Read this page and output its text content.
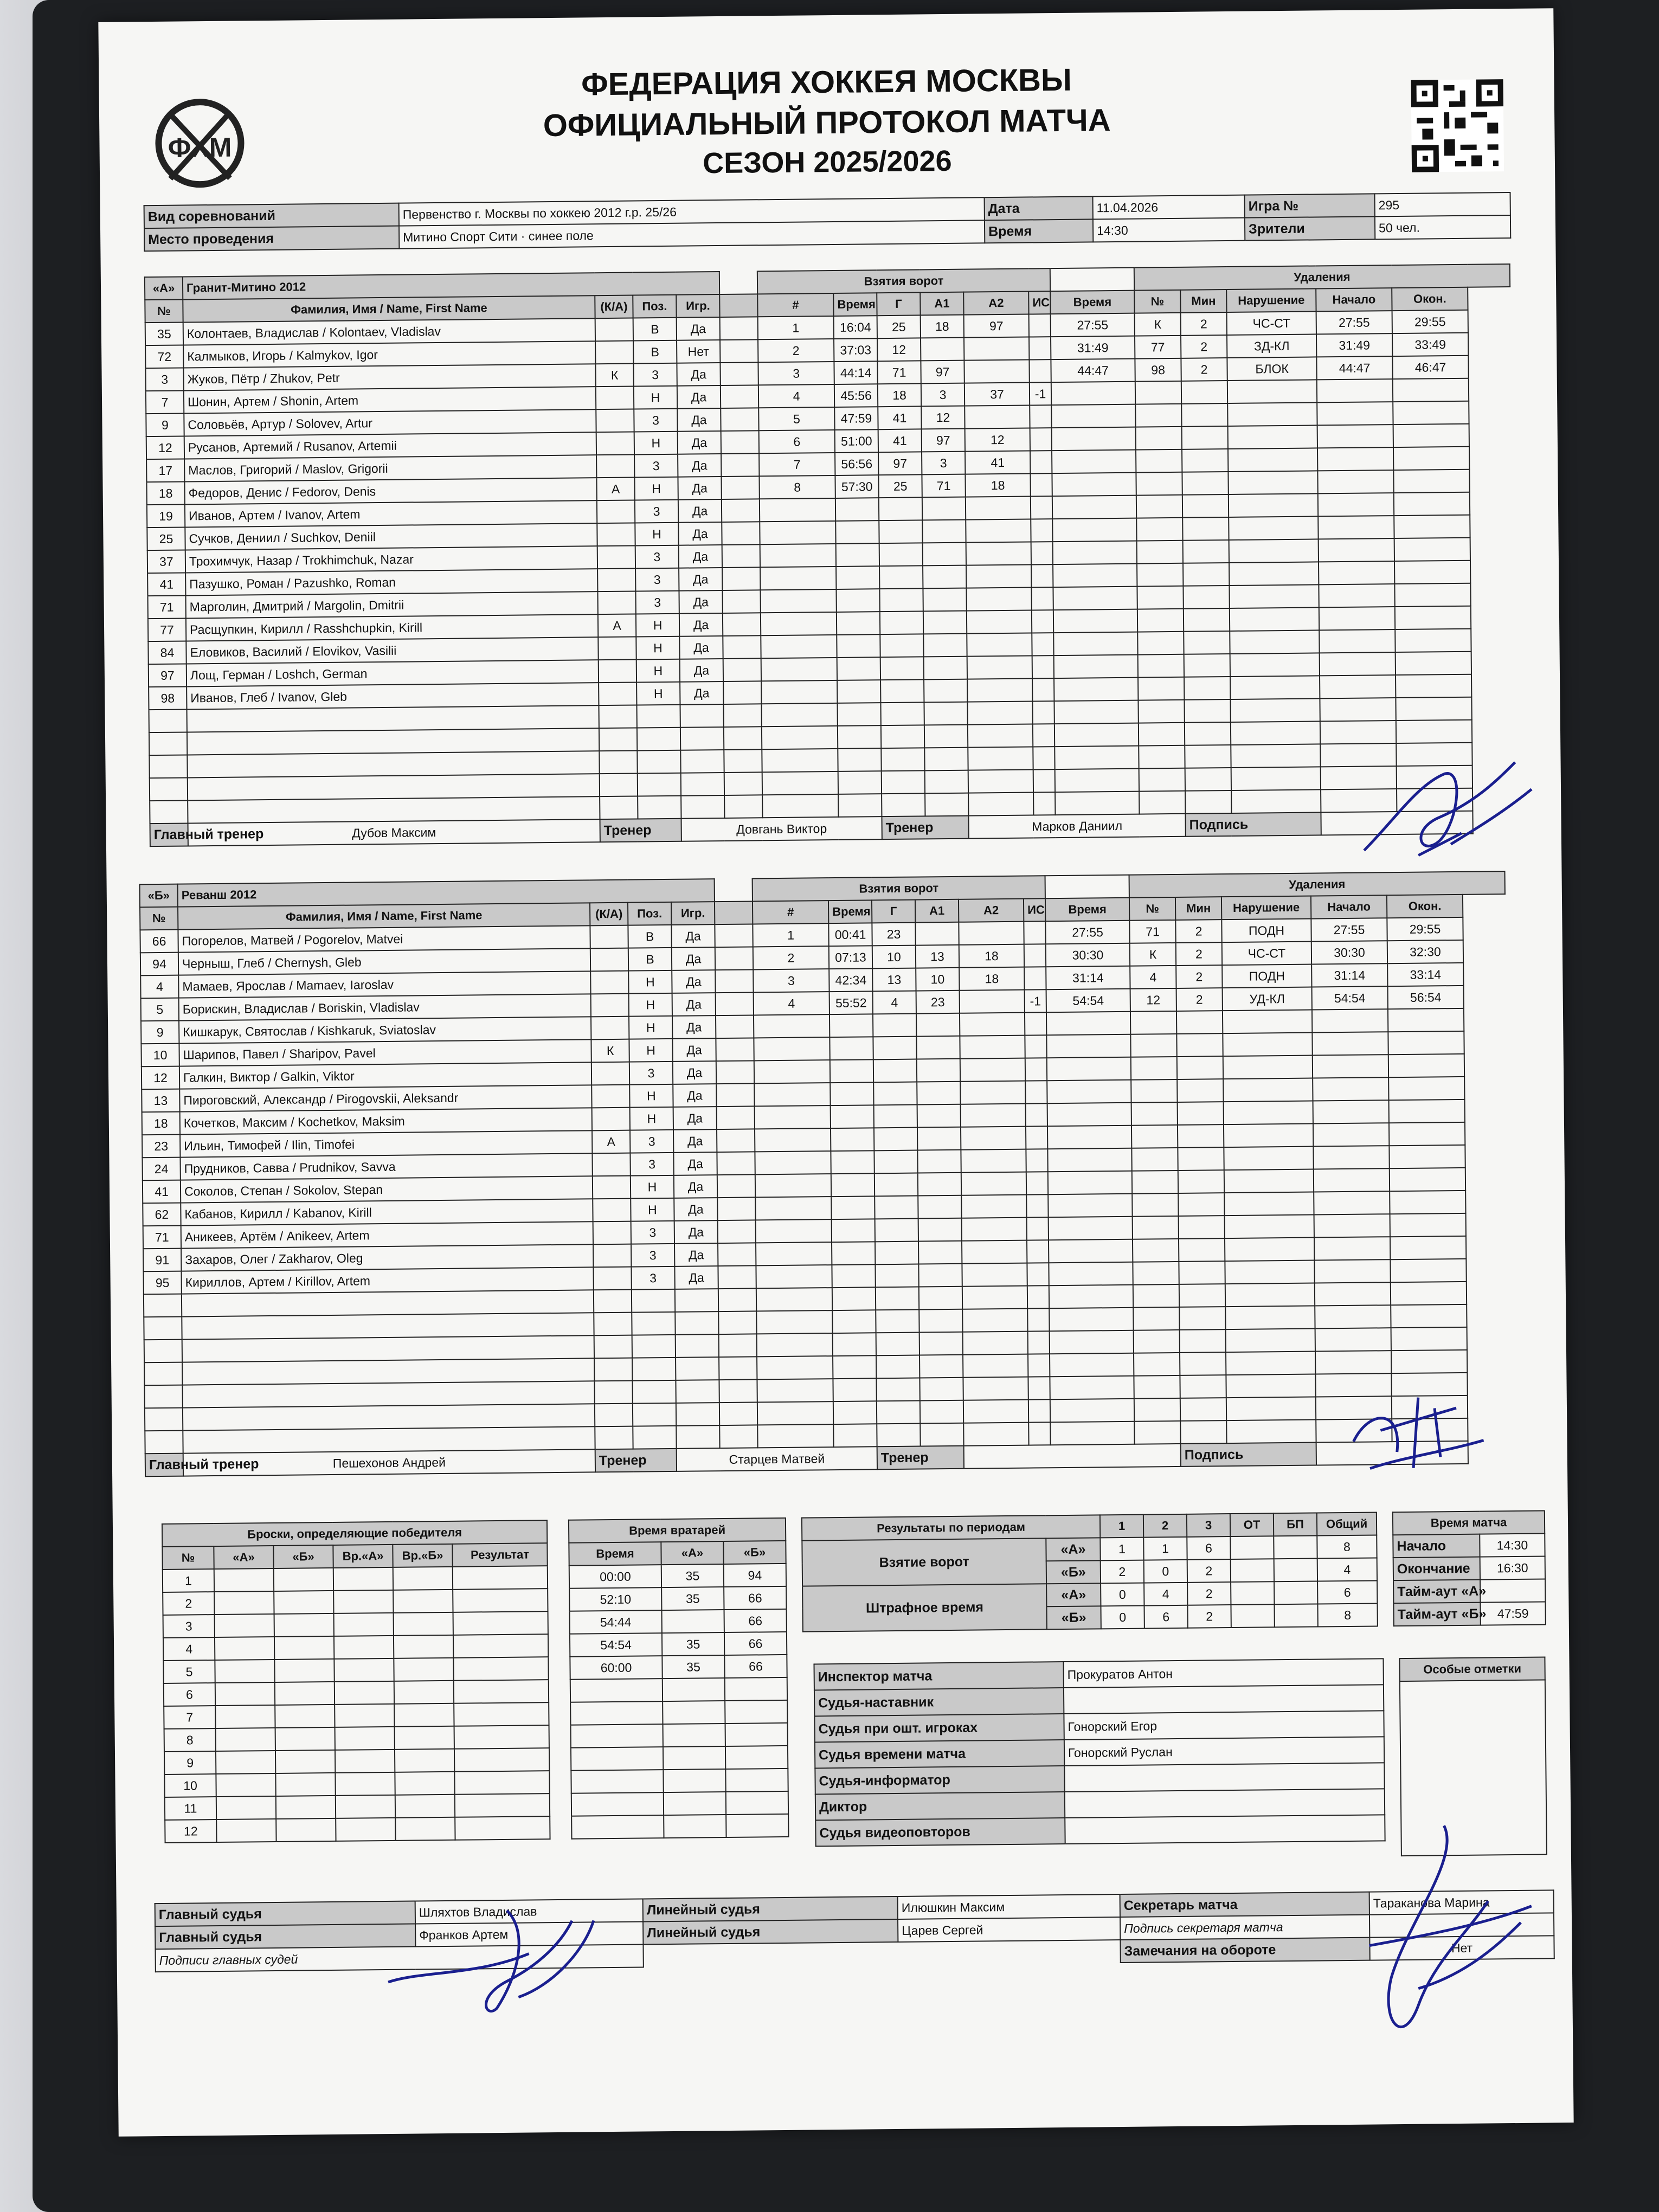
ФХМ
ФЕДЕРАЦИЯ ХОККЕЯ МОСКВЫ
ОФИЦИАЛЬНЫЙ ПРОТОКОЛ МАТЧА
СЕЗОН 2025/2026
Вид соревнований	Первенство г. Москвы по хоккею 2012 г.р. 25/26	Дата	11.04.2026	Игра №	295
Место проведения	Митино Спорт Сити · синее поле	Время	14:30	Зрители	50 чел.
«А»	Гранит-Митино 2012					Взятия ворот							Удаления				
№	Фамилия, Имя / Name, First Name	(К/А)	Поз.	Игр.		#	Время	Г	А1	А2	ИС	Время	№	Мин	Нарушение	Начало	Окон.
35	Колонтаев, Владислав / Kolontaev, Vladislav		В	Да		1	16:04	25	18	97		27:55	К	2	ЧС-СТ	27:55	29:55
72	Калмыков, Игорь / Kalmykov, Igor		В	Нет		2	37:03	12				31:49	77	2	ЗД-КЛ	31:49	33:49
3	Жуков, Пётр / Zhukov, Petr	К	3	Да		3	44:14	71	97			44:47	98	2	БЛОК	44:47	46:47
7	Шонин, Артем / Shonin, Artem		Н	Да		4	45:56	18	3	37	-1						
9	Соловьёв, Артур / Solovev, Artur		3	Да		5	47:59	41	12								
12	Русанов, Артемий / Rusanov, Artemii		Н	Да		6	51:00	41	97	12							
17	Маслов, Григорий / Maslov, Grigorii		3	Да		7	56:56	97	3	41							
18	Федоров, Денис / Fedorov, Denis	А	Н	Да		8	57:30	25	71	18							
19	Иванов, Артем / Ivanov, Artem		3	Да													
25	Сучков, Дениил / Suchkov, Deniil		Н	Да													
37	Трохимчук, Назар / Trokhimchuk, Nazar		3	Да													
41	Пазушко, Роман / Pazushko, Roman		3	Да													
71	Марголин, Дмитрий / Margolin, Dmitrii		3	Да													
77	Расщупкин, Кирилл / Rasshchupkin, Kirill	А	Н	Да													
84	Еловиков, Василий / Elovikov, Vasilii		Н	Да													
97	Лощ, Герман / Loshch, German		Н	Да													
98	Иванов, Глеб / Ivanov, Gleb		Н	Да													

Главный тренер	Дубов Максим	Тренер		Довгань Виктор				Тренер		Марков Даниил				Подпись			
«Б»	Реванш 2012					Взятия ворот							Удаления				
№	Фамилия, Имя / Name, First Name	(К/А)	Поз.	Игр.		#	Время	Г	А1	А2	ИС	Время	№	Мин	Нарушение	Начало	Окон.
66	Погорелов, Матвей / Pogorelov, Matvei		В	Да		1	00:41	23				27:55	71	2	ПОДН	27:55	29:55
94	Черныш, Глеб / Chernysh, Gleb		В	Да		2	07:13	10	13	18		30:30	К	2	ЧС-СТ	30:30	32:30
4	Мамаев, Ярослав / Mamaev, Iaroslav		Н	Да		3	42:34	13	10	18		31:14	4	2	ПОДН	31:14	33:14
5	Борискин, Владислав / Boriskin, Vladislav		Н	Да		4	55:52	4	23		-1	54:54	12	2	УД-КЛ	54:54	56:54
9	Кишкарук, Святослав / Kishkaruk, Sviatoslav		Н	Да													
10	Шарипов, Павел / Sharipov, Pavel	К	Н	Да													
12	Галкин, Виктор / Galkin, Viktor		3	Да													
13	Пироговский, Александр / Pirogovskii, Aleksandr		Н	Да													
18	Кочетков, Максим / Kochetkov, Maksim		Н	Да													
23	Ильин, Тимофей / Ilin, Timofei	А	3	Да													
24	Прудников, Савва / Prudnikov, Savva		3	Да													
41	Соколов, Степан / Sokolov, Stepan		Н	Да													
62	Кабанов, Кирилл / Kabanov, Kirill		Н	Да													
71	Аникеев, Артём / Anikeev, Artem		3	Да													
91	Захаров, Олег / Zakharov, Oleg		3	Да													
95	Кириллов, Артем / Kirillov, Artem		3	Да													

Главный тренер	Пешехонов Андрей	Тренер		Старцев Матвей				Тренер						Подпись			
Броски, определяющие победителя					
№	«А»	«Б»	Вр.«А»	Вр.«Б»	Результат
1					
2					
3					
4					
5					
6					
7					
8					
9					
10					
11					
12					
Время вратарей		
Время	«А»	«Б»
00:00	35	94
52:10	35	66
54:44		66
54:54	35	66
60:00	35	66

Результаты по периодам		1	2	3	ОТ	БП	Общий
Взятие ворот	«А»	1	1	6			8
	«Б»	2	0	2			4
Штрафное время	«А»	0	4	2			6
	«Б»	0	6	2			8
Время матча	
Начало	14:30
Окончание	16:30
Тайм-аут «А»	
Тайм-аут «Б»	47:59
Инспектор матча	Прокуратов Антон
Судья-наставник	
Судья при ошт. игроках	Гонорский Егор
Судья времени матча	Гонорский Руслан
Судья-информатор	
Диктор	
Судья видеоповторов	
Особые отметки

Главный судья	Шляхтов Владислав	Линейный судья	Илюшкин Максим	Секретарь матча	Тараканова Марина
Главный судья	Франков Артем	Линейный судья	Царев Сергей	Подпись секретаря матча	
Подписи главных судей				Замечания на обороте	Нет
